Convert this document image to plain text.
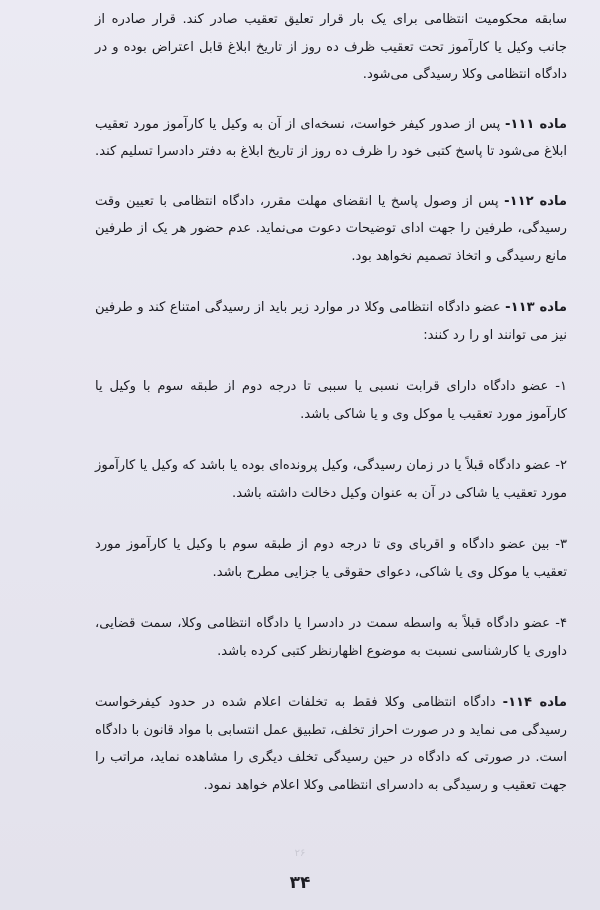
سابقه محکومیت انتظامی برای یک بار قرار تعلیق تعقیب صادر کند. قرار صادره از جانب وکیل یا کارآموز تحت تعقیب ظرف ده روز از تاریخ ابلاغ قابل اعتراض بوده و در دادگاه انتظامی وکلا رسیدگی می‌شود.

ماده ۱۱۱- پس از صدور کیفر خواست، نسخه‌ای از آن به وکیل یا کارآموز مورد تعقیب ابلاغ می‌شود تا پاسخ کتبی خود را ظرف ده روز از تاریخ ابلاغ به دفتر دادسرا تسلیم کند.

ماده ۱۱۲- پس از وصول پاسخ یا انقضای مهلت مقرر، دادگاه انتظامی با تعیین وقت رسیدگی، طرفین را جهت ادای توضیحات دعوت می‌نماید. عدم حضور هر یک از طرفین مانع رسیدگی و اتخاذ تصمیم نخواهد بود.

ماده ۱۱۳- عضو دادگاه انتظامی وکلا در موارد زیر باید از رسیدگی امتناع کند و طرفین نیز می توانند او را رد کنند:

۱- عضو دادگاه دارای قرابت نسبی یا سببی تا درجه دوم از طبقه سوم با وکیل یا کارآموز مورد تعقیب یا موکل وی و یا شاکی باشد.

۲- عضو دادگاه قبلاً یا در زمان رسیدگی، وکیل پرونده‌ای بوده یا باشد که وکیل یا کارآموز مورد تعقیب یا شاکی در آن به عنوان وکیل دخالت داشته باشد.

۳- بین عضو دادگاه و اقربای وی تا درجه دوم از طبقه سوم با وکیل یا کارآموز مورد تعقیب یا موکل وی یا شاکی، دعوای حقوقی یا جزایی مطرح باشد.

۴- عضو دادگاه قبلاً به واسطه سمت در دادسرا یا دادگاه انتظامی وکلا، سمت قضایی، داوری یا کارشناسی نسبت به موضوع اظهارنظر کتبی کرده باشد.

ماده ۱۱۴- دادگاه انتظامی وکلا فقط به تخلفات اعلام شده در حدود کیفرخواست رسیدگی می نماید و در صورت احراز تخلف، تطبیق عمل انتسابی با مواد قانون با دادگاه است. در صورتی که دادگاه در حین رسیدگی تخلف دیگری را مشاهده نماید، مراتب را جهت تعقیب و رسیدگی به دادسرای انتظامی وکلا اعلام خواهد نمود.

۲۶
۳۴
